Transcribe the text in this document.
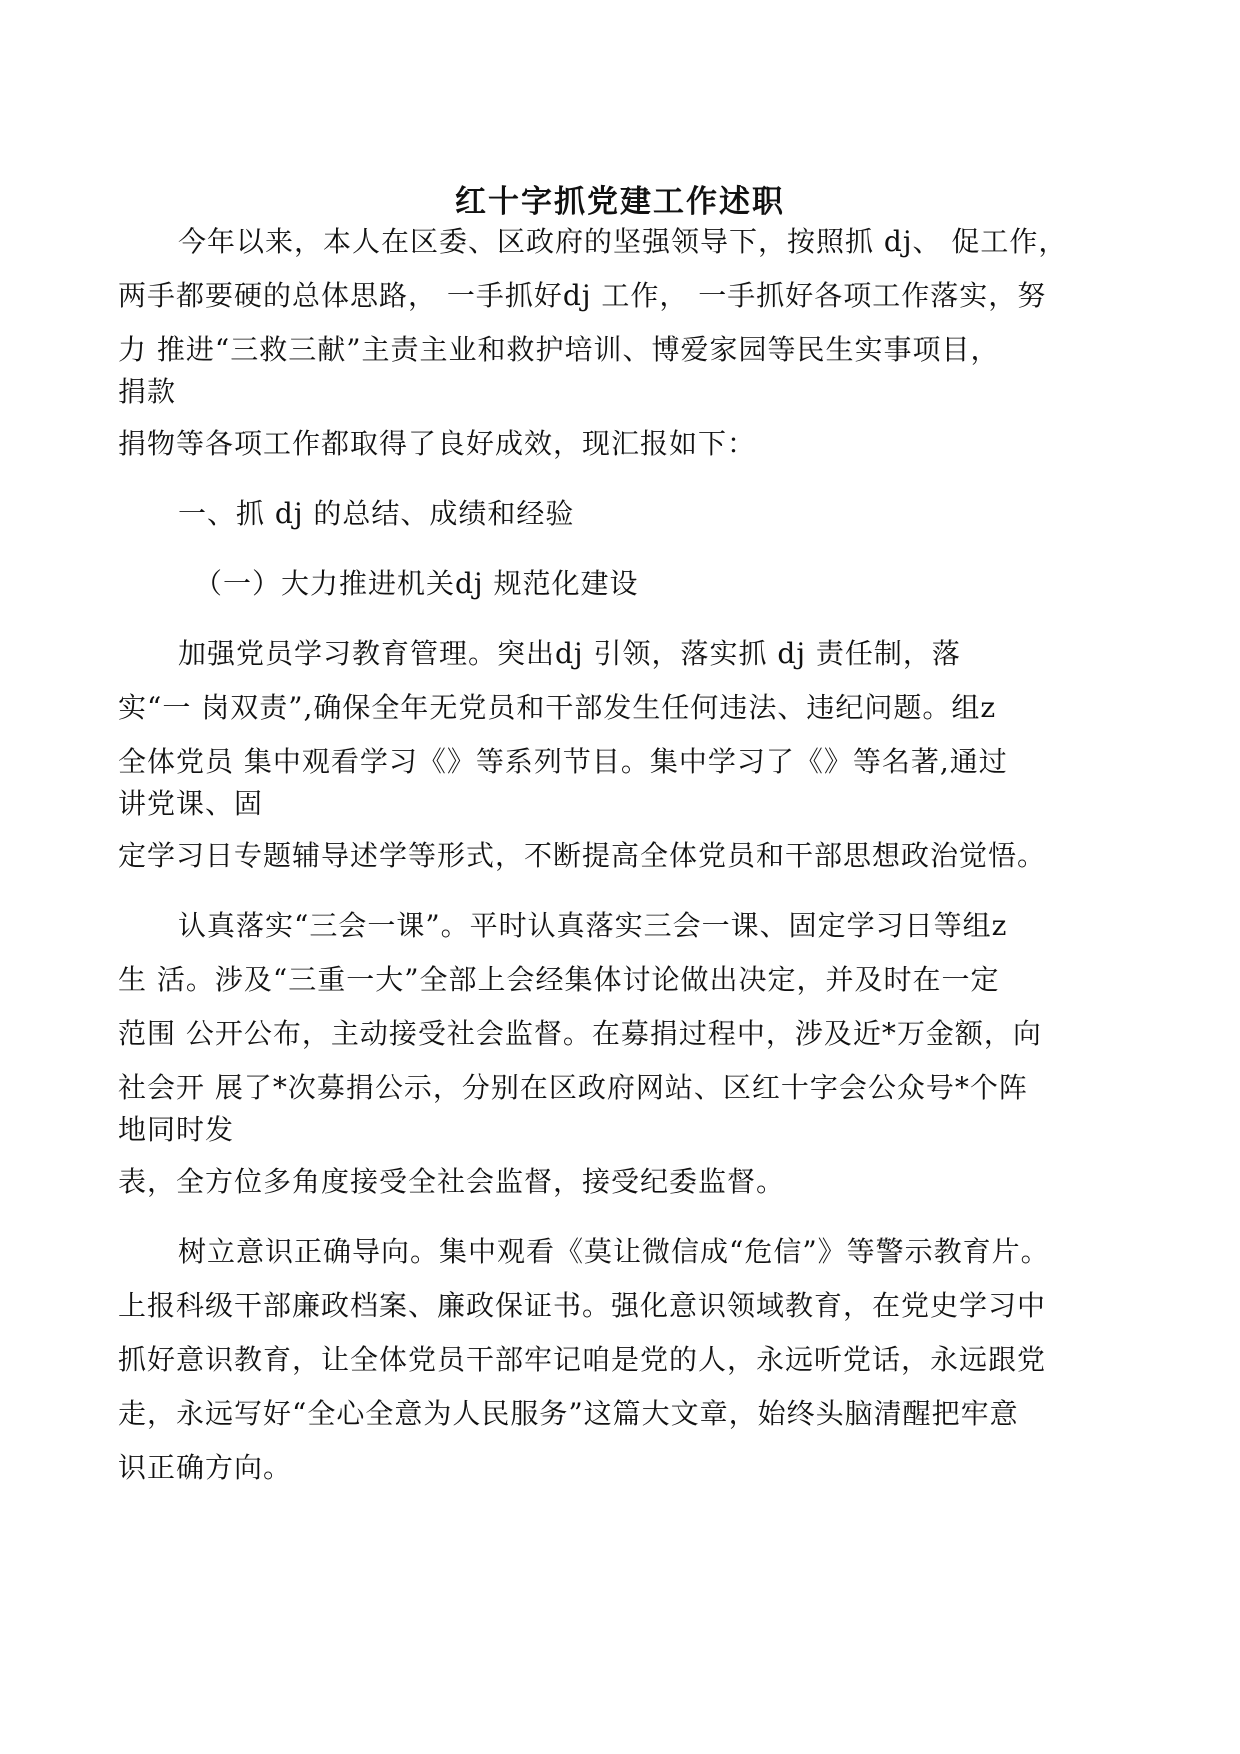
红十字抓党建工作述职

今年以来，本人在区委、区政府的坚强领导下，按照抓 dj、 促工作，

两手都要硬的总体思路， 一手抓好dj 工作， 一手抓好各项工作落实，努

力 推进“三救三献”主责主业和救护培训、博爱家园等民生实事项目，

捐款

捐物等各项工作都取得了良好成效，现汇报如下：

一、抓 dj 的总结、成绩和经验

（一）大力推进机关dj 规范化建设

加强党员学习教育管理。突出dj 引领，落实抓 dj 责任制，落

实“一 岗双责”,确保全年无党员和干部发生任何违法、违纪问题。组z

全体党员 集中观看学习《》等系列节目。集中学习了《》等名著,通过

讲党课、固

定学习日专题辅导述学等形式，不断提高全体党员和干部思想政治觉悟。

认真落实“三会一课”。平时认真落实三会一课、固定学习日等组z

生 活。涉及“三重一大”全部上会经集体讨论做出决定，并及时在一定

范围 公开公布，主动接受社会监督。在募捐过程中，涉及近*万金额，向

社会开 展了*次募捐公示，分别在区政府网站、区红十字会公众号*个阵

地同时发

表，全方位多角度接受全社会监督，接受纪委监督。

树立意识正确导向。集中观看《莫让微信成“危信”》等警示教育片。

上报科级干部廉政档案、廉政保证书。强化意识领域教育，在党史学习中

抓好意识教育，让全体党员干部牢记咱是党的人，永远听党话，永远跟党

走，永远写好“全心全意为人民服务”这篇大文章，始终头脑清醒把牢意

识正确方向。
